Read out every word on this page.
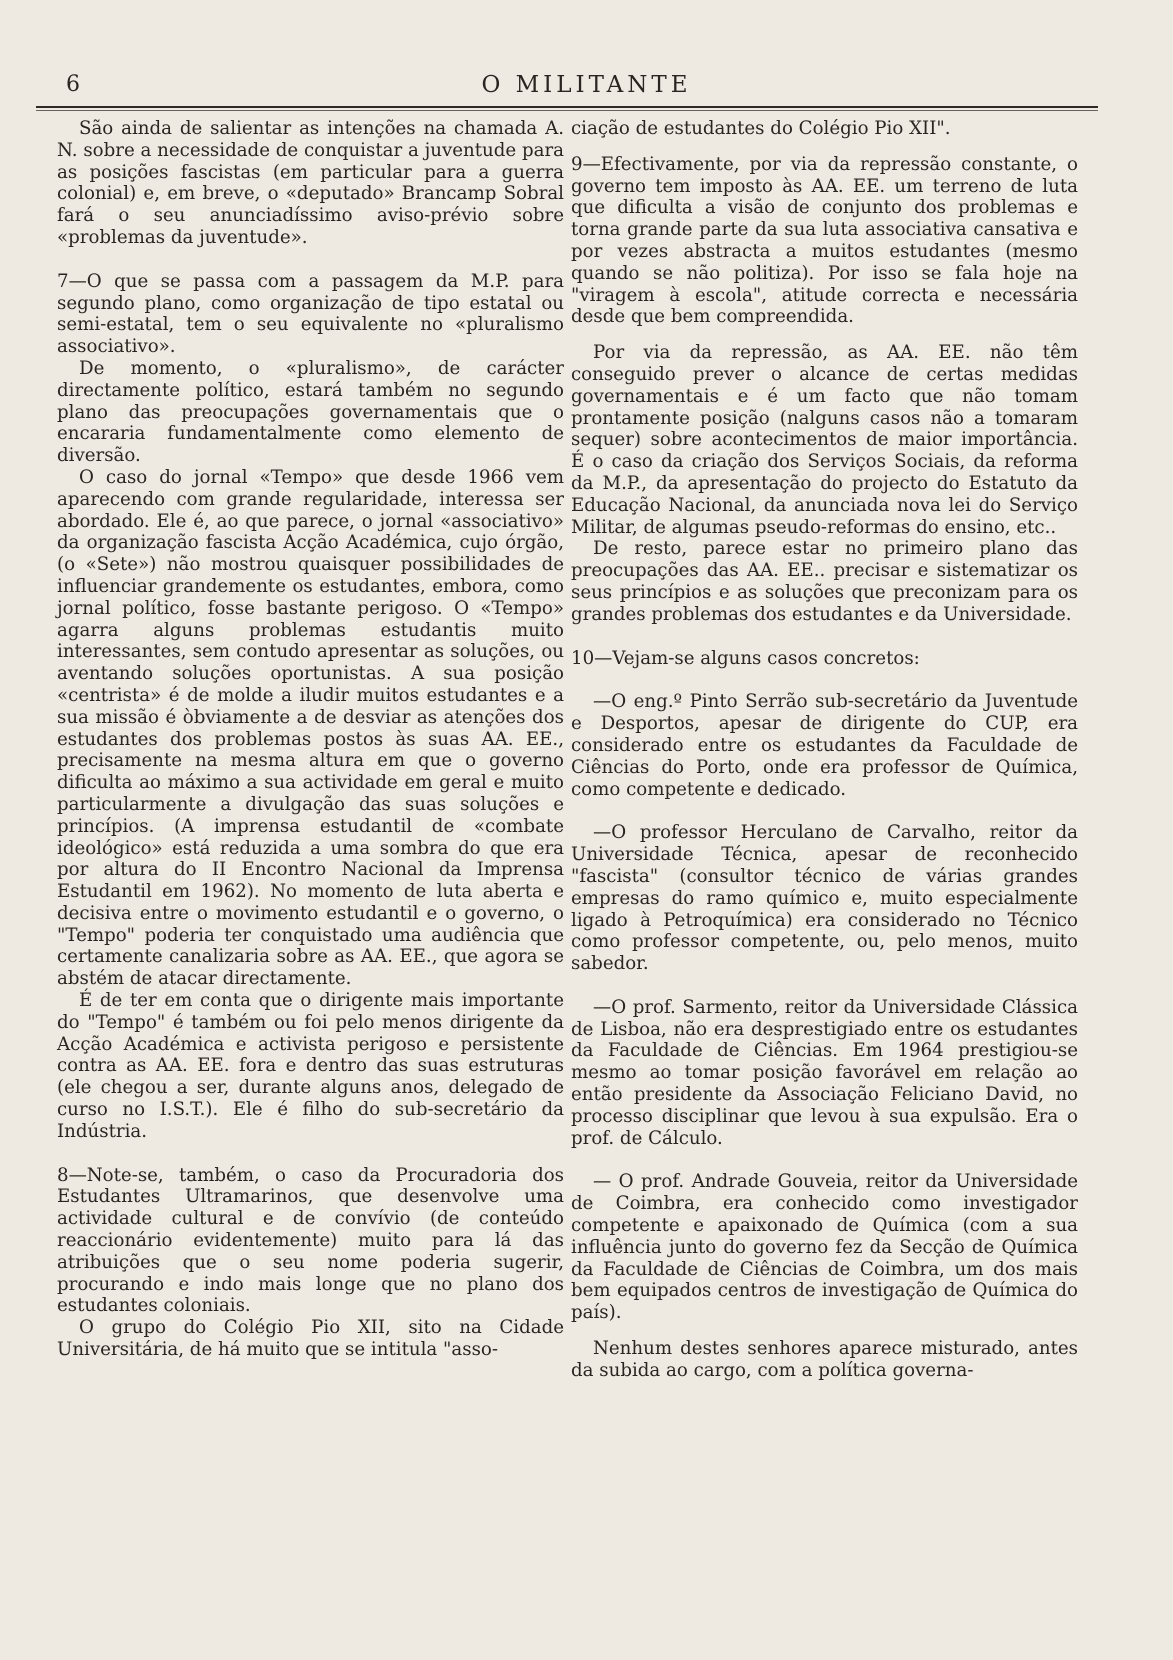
6	O MILITANTE

São ainda de salientar as intenções na chamada A. N. sobre a necessidade de conquistar a juventude para as posições fascistas (em particular para a guerra colonial) e, em breve, o «deputado» Brancamp Sobral fará o seu anunciadíssimo aviso-prévio sobre «problemas da juventude».

7—O que se passa com a passagem da M.P. para segundo plano, como organização de tipo estatal ou semi-estatal, tem o seu equivalente no «pluralismo associativo».

De momento, o «pluralismo», de carácter directamente político, estará também no segundo plano das preocupações governamentais que o encararia fundamentalmente como elemento de diversão.

O caso do jornal «Tempo» que desde 1966 vem aparecendo com grande regularidade, interessa ser abordado. Ele é, ao que parece, o jornal «associativo» da organização fascista Acção Académica, cujo órgão, (o «Sete») não mostrou quaisquer possibilidades de influenciar grandemente os estudantes, embora, como jornal político, fosse bastante perigoso. O «Tempo» agarra alguns problemas estudantis muito interessantes, sem contudo apresentar as soluções, ou aventando soluções oportunistas. A sua posição «centrista» é de molde a iludir muitos estudantes e a sua missão é òbviamente a de desviar as atenções dos estudantes dos problemas postos às suas AA. EE., precisamente na mesma altura em que o governo dificulta ao máximo a sua actividade em geral e muito particularmente a divulgação das suas soluções e princípios. (A imprensa estudantil de «combate ideológico» está reduzida a uma sombra do que era por altura do II Encontro Nacional da Imprensa Estudantil em 1962). No momento de luta aberta e decisiva entre o movimento estudantil e o governo, o "Tempo" poderia ter conquistado uma audiência que certamente canalizaria sobre as AA. EE., que agora se abstém de atacar directamente.

É de ter em conta que o dirigente mais importante do "Tempo" é também ou foi pelo menos dirigente da Acção Académica e activista perigoso e persistente contra as AA. EE. fora e dentro das suas estruturas (ele chegou a ser, durante alguns anos, delegado de curso no I.S.T.). Ele é filho do sub-secretário da Indústria.

8—Note-se, também, o caso da Procuradoria dos Estudantes Ultramarinos, que desenvolve uma actividade cultural e de convívio (de conteúdo reaccionário evidentemente) muito para lá das atribuições que o seu nome poderia sugerir, procurando e indo mais longe que no plano dos estudantes coloniais.

O grupo do Colégio Pio XII, sito na Cidade Universitária, de há muito que se intitula "asso-

ciação de estudantes do Colégio Pio XII".

9—Efectivamente, por via da repressão constante, o governo tem imposto às AA. EE. um terreno de luta que dificulta a visão de conjunto dos problemas e torna grande parte da sua luta associativa cansativa e por vezes abstracta a muitos estudantes (mesmo quando se não politiza). Por isso se fala hoje na "viragem à escola", atitude correcta e necessária desde que bem compreendida.

Por via da repressão, as AA. EE. não têm conseguido prever o alcance de certas medidas governamentais e é um facto que não tomam prontamente posição (nalguns casos não a tomaram sequer) sobre acontecimentos de maior importância. É o caso da criação dos Serviços Sociais, da reforma da M.P., da apresentação do projecto do Estatuto da Educação Nacional, da anunciada nova lei do Serviço Militar, de algumas pseudo-reformas do ensino, etc..

De resto, parece estar no primeiro plano das preocupações das AA. EE.. precisar e sistematizar os seus princípios e as soluções que preconizam para os grandes problemas dos estudantes e da Universidade.

10—Vejam-se alguns casos concretos:

—O eng.º Pinto Serrão sub-secretário da Juventude e Desportos, apesar de dirigente do CUP, era considerado entre os estudantes da Faculdade de Ciências do Porto, onde era professor de Química, como competente e dedicado.

—O professor Herculano de Carvalho, reitor da Universidade Técnica, apesar de reconhecido "fascista" (consultor técnico de várias grandes empresas do ramo químico e, muito especialmente ligado à Petroquímica) era considerado no Técnico como professor competente, ou, pelo menos, muito sabedor.

—O prof. Sarmento, reitor da Universidade Clássica de Lisboa, não era desprestigiado entre os estudantes da Faculdade de Ciências. Em 1964 prestigiou-se mesmo ao tomar posição favorável em relação ao então presidente da Associação Feliciano David, no processo disciplinar que levou à sua expulsão. Era o prof. de Cálculo.

— O prof. Andrade Gouveia, reitor da Universidade de Coimbra, era conhecido como investigador competente e apaixonado de Química (com a sua influência junto do governo fez da Secção de Química da Faculdade de Ciências de Coimbra, um dos mais bem equipados centros de investigação de Química do país).

Nenhum destes senhores aparece misturado, antes da subida ao cargo, com a política governa-
